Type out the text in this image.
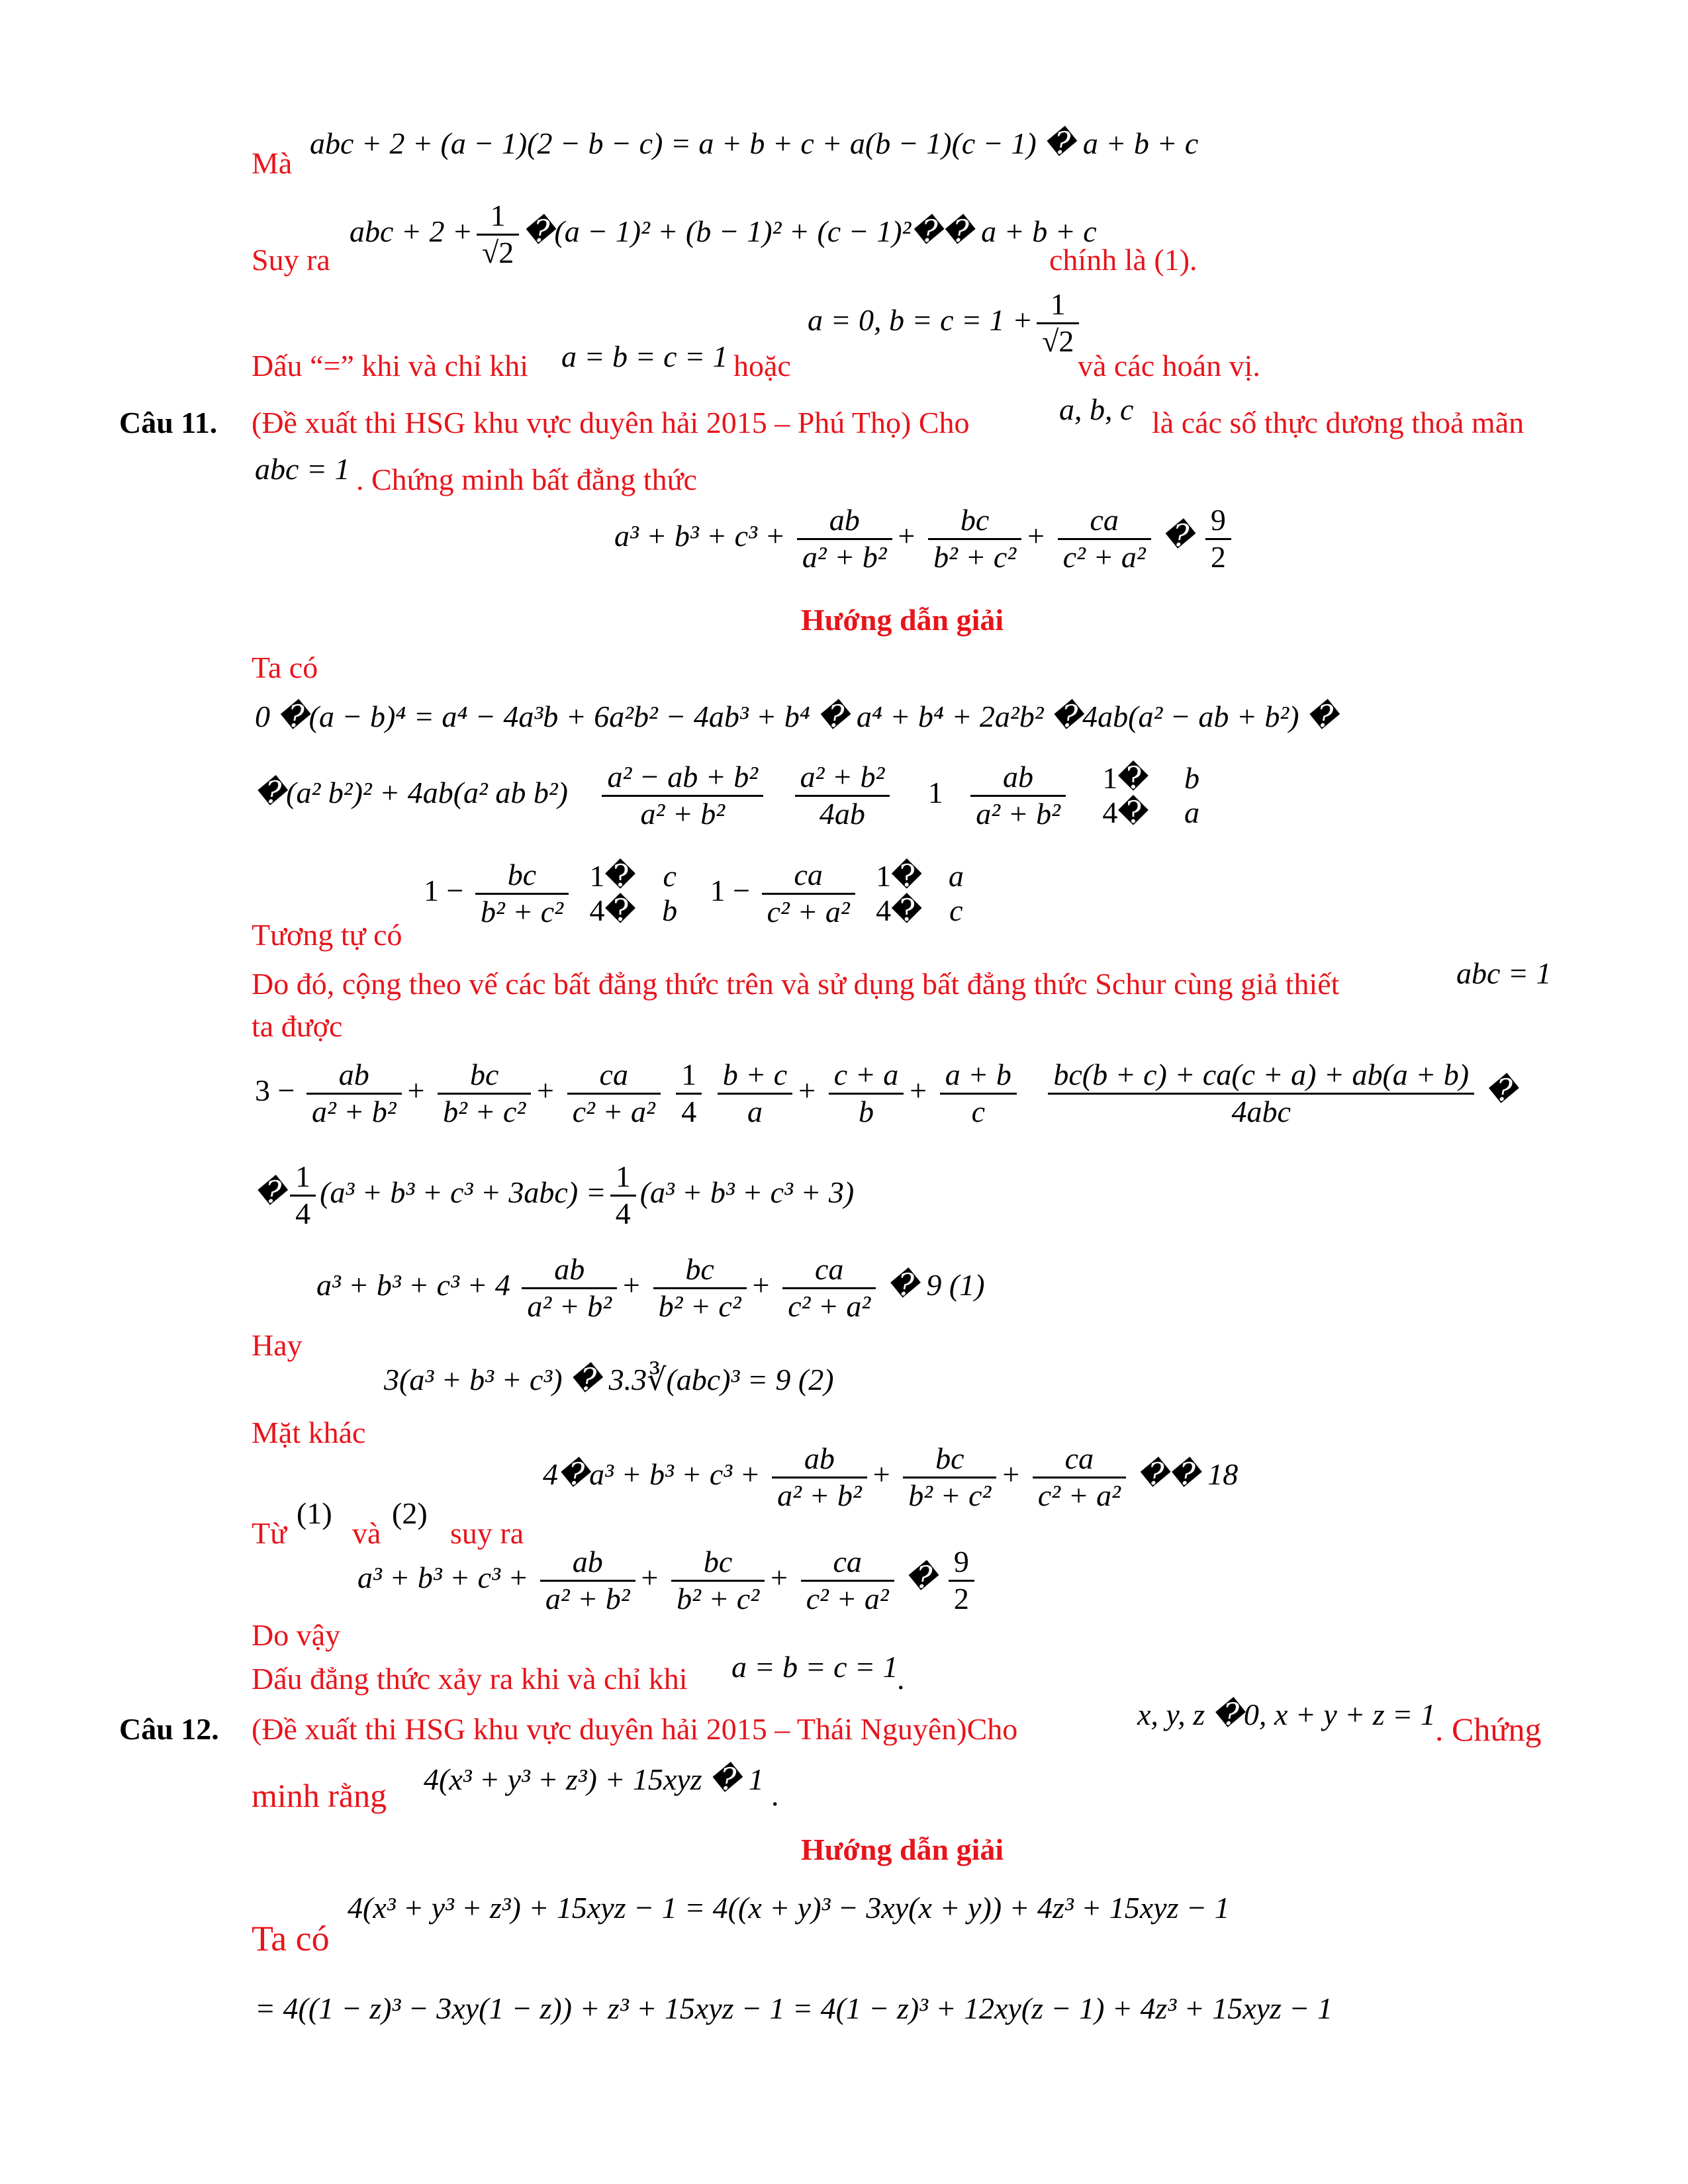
Mà
abc + 2 + (a − 1)(2 − b − c) = a + b + c + a(b − 1)(c − 1) � a + b + c
abc + $2 + \frac{1}{√2}$ �(a − 1)² + (b − 1)² + (c − 1)²�� a + b + c
Suy ra	chính là (1).
Dấu “=” khi và chỉ khi a = b = c = 1 hoặc
a = 0, $b = c = 1 + \frac{1}{√2}$
và các hoán vị.
Câu 11. (Đề xuất thi HSG khu vực duyên hải 2015 – Phú Thọ) Cho	a, b, c là các số thực dương thoả mãn
abc = 1 . Chứng minh bất đẳng thức
$a^3 + b^3 + c^3 + \frac{ab}{\text{a² + b²}} + \frac{bc}{\text{b² + c²}} + \frac{ca}{\text{c² + a²}}$ � $\frac{9}{2}$
Hướng dẫn giải
Ta có
0 �(a − b)⁴ = a⁴ − 4a³b + 6a²b² − 4ab³ + b⁴ � a⁴ + b⁴ + 2a²b² �4ab(a² − ab + b²) �
�(a² b²)² + 4ab(a² ab $b^2) \frac{\text{a² − ab + b²}}{\text{a² + b²}}$
$\frac{\text{a² + b²}}{4ab} 1 \frac{ab}{\text{a² + b²}}$
1�
4�

b
a
Tương tự có
$1 - \frac{bc}{\text{b² + c²}}$
1�
4�

c
b
$1 - \frac{ca}{\text{c² + a²}}$
1�
4�

a
c
Do đó, cộng theo vế các bất đẳng thức trên và sử dụng bất đẳng thức Schur cùng giả thiết	abc = 1
ta được
$3 - \frac{ab}{\text{a² + b²}} + \frac{bc}{\text{b² + c²}} + \frac{ca}{\text{c² + a²}}$
$\frac{1}{4}$
$\frac{b + c}{a} + \frac{c + a}{b} + \frac{a + b}{c}$
$\frac{bc(b + c) + ca(c + a) + ab(a + b)}{\text{4abc}}$ �
� $\frac{1}{4} (a^3 + b^3 + c^3 + 3abc) = \frac{1}{4} (a^3 + b^3 + c^3 + 3)$
Hay
$a^3 + b^3 + c^3 + 4 \frac{ab}{\text{a² + b²}} + \frac{bc}{\text{b² + c²}} + \frac{ca}{\text{c² + a²}}$ � 9 (1)
Mặt khác
3(a³ + b³ + c³) � 3.3∛(abc)³ = 9 (2)
Từ
(1)
và
(2)
suy ra
4�a³ + $b^3 + c^3 + \frac{ab}{\text{a² + b²}} + \frac{bc}{\text{b² + c²}} + \frac{ca}{\text{c² + a²}}$ �� 18
Do vậy
$a^3 + b^3 + c^3 + \frac{ab}{\text{a² + b²}} + \frac{bc}{\text{b² + c²}} + \frac{ca}{\text{c² + a²}}$ � $\frac{9}{2}$
Dấu đẳng thức xảy ra khi và chỉ khi a = b = c = 1
.
Câu 12. (Đề xuất thi HSG khu vực duyên hải 2015 – Thái Nguyên)Cho	x, y, z �0, x + y + z = 1 . Chứng
minh rằng 4(x³ + y³ + z³) + 15xyz � 1 .
Hướng dẫn giải
Ta có
4(x³ + y³ + z³) + 15xyz − 1 = 4((x + y)³ − 3xy(x + y)) + 4z³ + 15xyz − 1
= 4((1 − z)³ − 3xy(1 − z)) + z³ + 15xyz − 1 = 4(1 − z)³ + 12xy(z − 1) + 4z³ + 15xyz − 1
